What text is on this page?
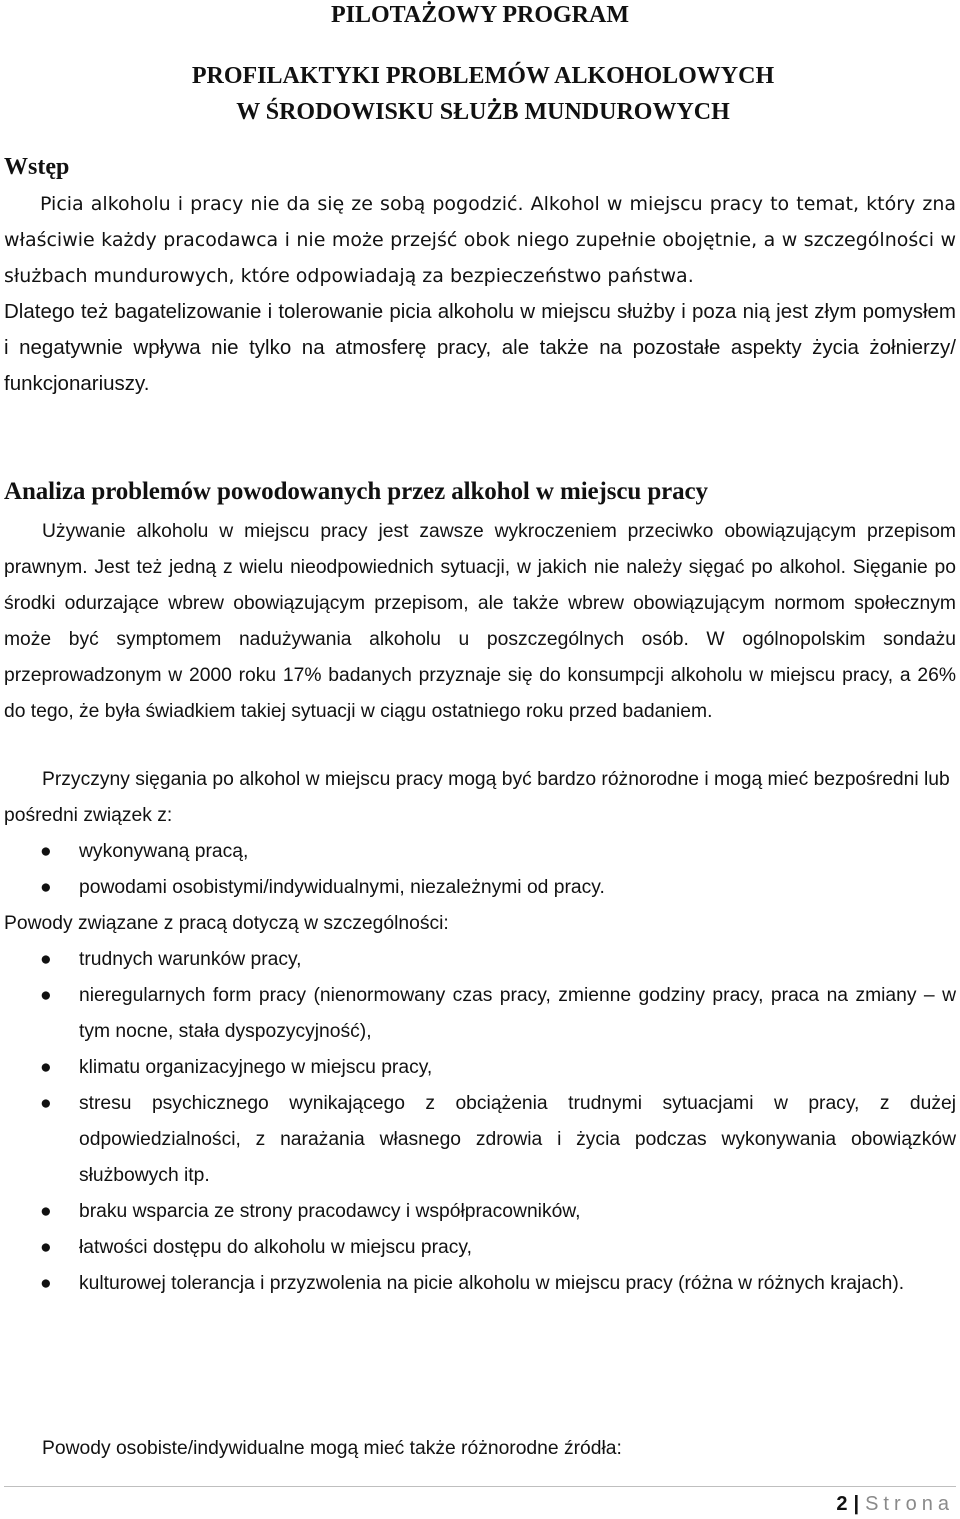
PILOTAŻOWY PROGRAM
PROFILAKTYKI PROBLEMÓW ALKOHOLOWYCH
W ŚRODOWISKU SŁUŻB MUNDUROWYCH
Wstęp
Picia alkoholu i pracy nie da się ze sobą pogodzić. Alkohol w miejscu pracy to temat, który zna właściwie każdy pracodawca i nie może przejść obok niego zupełnie obojętnie, a w szczególności w służbach mundurowych, które odpowiadają za bezpieczeństwo państwa.
Dlatego też bagatelizowanie i tolerowanie picia alkoholu w miejscu służby i poza nią jest złym pomysłem i negatywnie wpływa nie tylko na atmosferę pracy, ale także na pozostałe aspekty życia żołnierzy/ funkcjonariuszy.
Analiza problemów powodowanych przez alkohol w miejscu pracy
Używanie alkoholu w miejscu pracy jest zawsze wykroczeniem przeciwko obowiązującym przepisom prawnym. Jest też jedną z wielu nieodpowiednich sytuacji, w jakich nie należy sięgać po alkohol. Sięganie po środki odurzające wbrew obowiązującym przepisom, ale także wbrew obowiązującym normom społecznym może być symptomem nadużywania alkoholu u poszczególnych osób. W ogólnopolskim sondażu przeprowadzonym w 2000 roku 17% badanych przyznaje się do konsumpcji alkoholu w miejscu pracy, a 26% do tego, że była świadkiem takiej sytuacji w ciągu ostatniego roku przed badaniem.
Przyczyny sięgania po alkohol w miejscu pracy mogą być bardzo różnorodne i mogą mieć bezpośredni lub pośredni związek z:
● wykonywaną pracą,
● powodami osobistymi/indywidualnymi, niezależnymi od pracy.
Powody związane z pracą dotyczą w szczególności:
● trudnych warunków pracy,
● nieregularnych form pracy (nienormowany czas pracy, zmienne godziny pracy, praca na zmiany – w tym nocne, stała dyspozycyjność),
● klimatu organizacyjnego w miejscu pracy,
● stresu psychicznego wynikającego z obciążenia trudnymi sytuacjami w pracy, z dużej odpowiedzialności, z narażania własnego zdrowia i życia podczas wykonywania obowiązków służbowych itp.
● braku wsparcia ze strony pracodawcy i współpracowników,
● łatwości dostępu do alkoholu w miejscu pracy,
● kulturowej tolerancja i przyzwolenia na picie alkoholu w miejscu pracy (różna w różnych krajach).
Powody osobiste/indywidualne mogą mieć także różnorodne źródła:
2 | Strona
